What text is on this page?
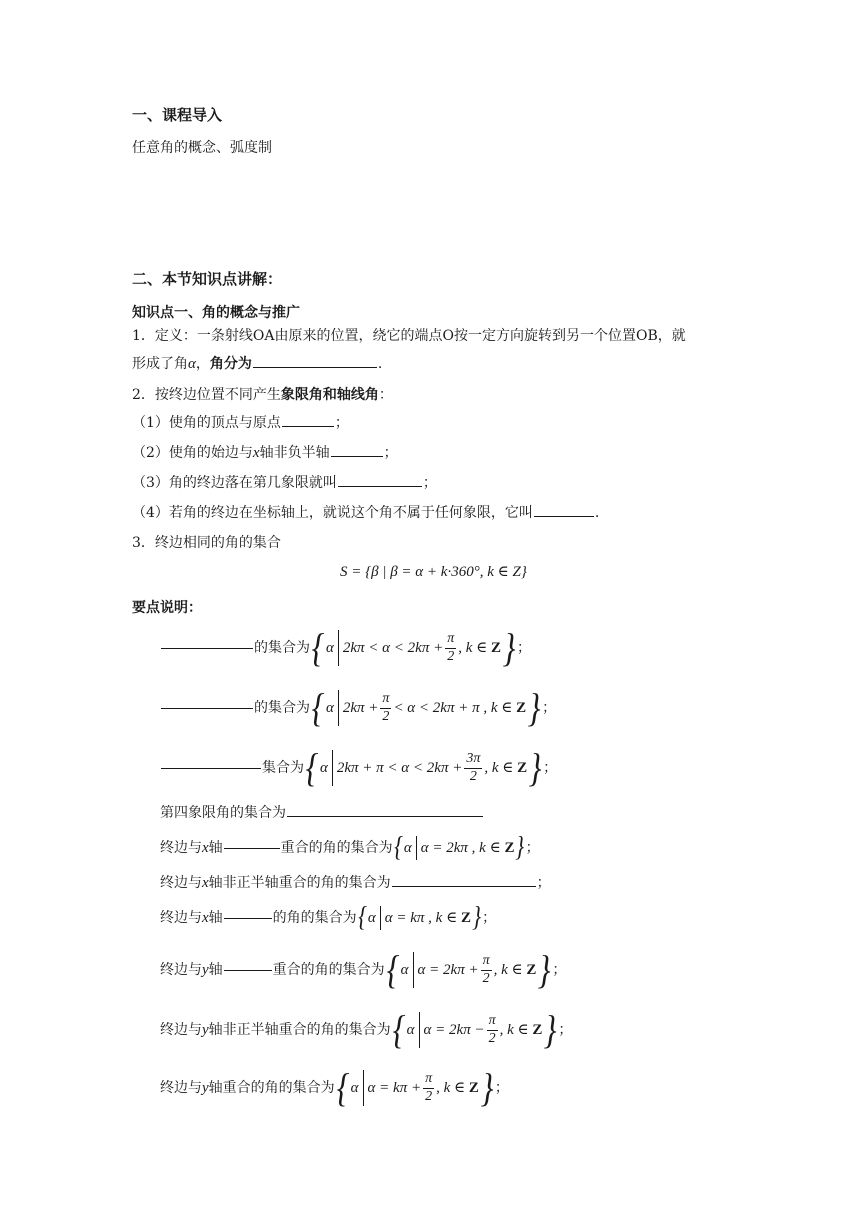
一、课程导入
任意角的概念、弧度制
二、本节知识点讲解：
知识点一、角的概念与推广
1．定义：一条射线OA由原来的位置，绕它的端点O按一定方向旋转到另一个位置OB，就
形成了角α，角分为	.
2．按终边位置不同产生象限角和轴线角：
（1）使角的顶点与原点	；
（2）使角的始边与x轴非负半轴	；
（3）角的终边落在第几象限就叫	；
（4）若角的终边在坐标轴上，就说这个角不属于任何象限，它叫	.
3．终边相同的角的集合
S = {β | β = α + k·360°, k ∈ Z}
要点说明：
的集合为 { α $2k\pi < \alpha < 2k\pi + \frac{\pi}{2}$ , k ∈
Z } ；
的集合为 { α $2k\pi + \frac{\pi}{2} < \alpha < 2k\pi + \pi$ , k ∈
Z } ；
集合为 { α $2k\pi + \pi < \alpha < 2k\pi + \frac{3\pi}{2}$ , k ∈
Z } ；
第四象限角的集合为
终边与 x 轴	重合的角的集合为 { α α = 2kπ , k ∈
Z } ；
终边与x轴非正半轴重合的角的集合为	；
终边与 x 轴	的角的集合为 { α α = kπ , k ∈
Z } ；
终边与 y 轴	重合的角的集合为 { α $\alpha = 2k\pi + \frac{\pi}{2}$ , k ∈
Z } ；
终边与 y 轴非正半轴重合的角的集合为 { α $\alpha = 2k\pi - \frac{\pi}{2}$ , k ∈
Z } ；
终边与 y 轴重合的角的集合为 { α $\alpha = k\pi + \frac{\pi}{2}$ , k ∈
Z } ；
